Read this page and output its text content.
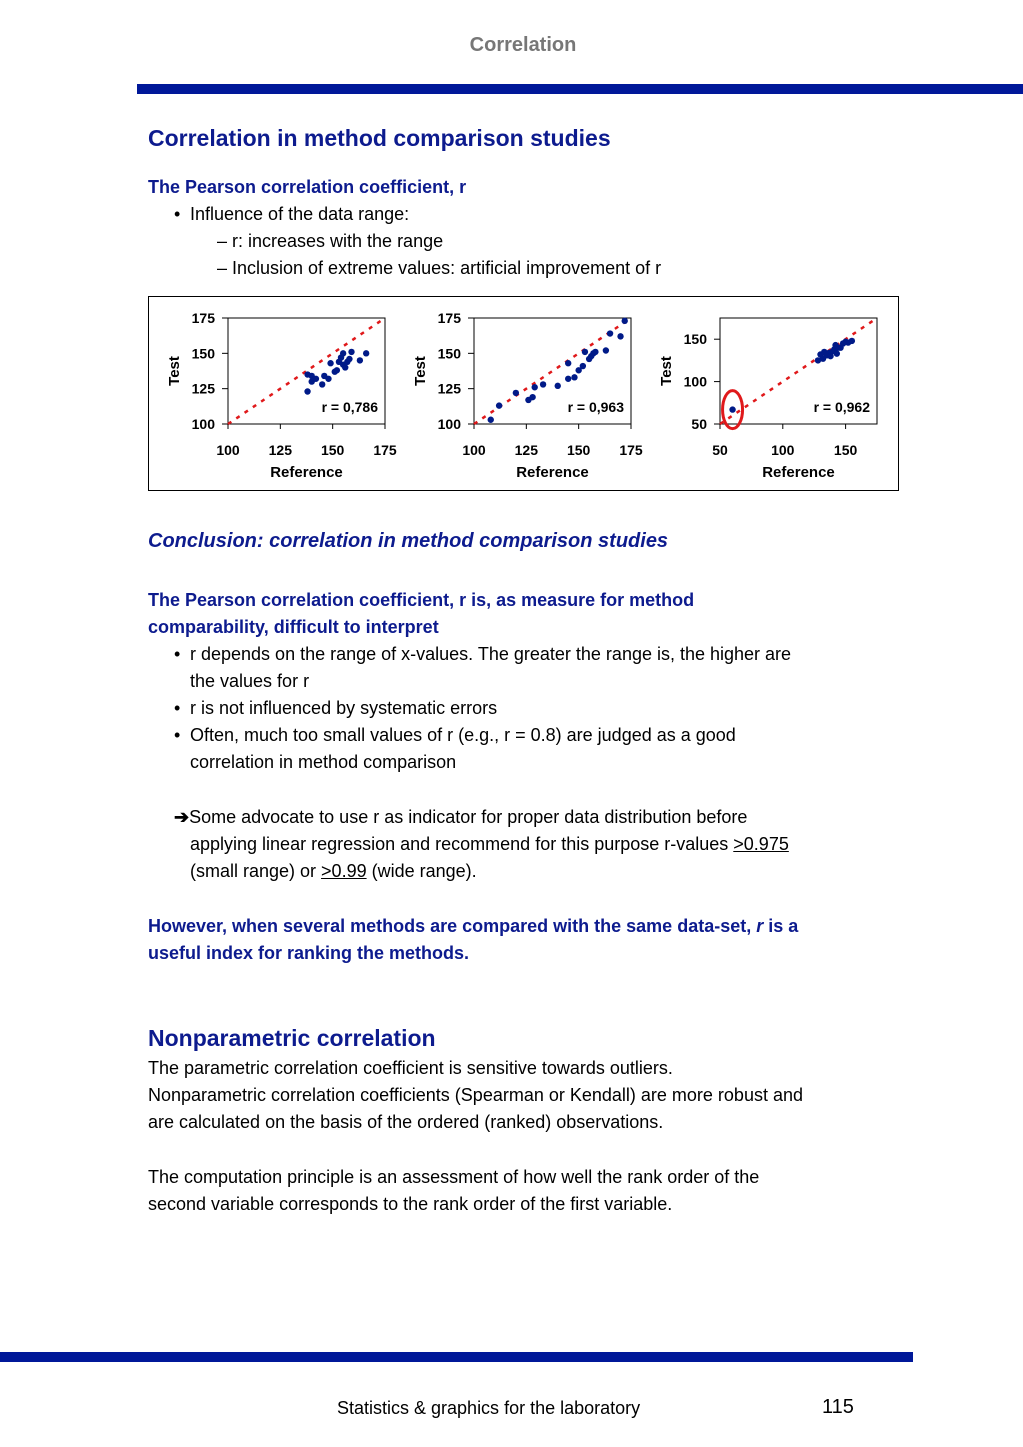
Correlation
Correlation in method comparison studies
The Pearson correlation coefficient, r
• Influence of the data range:
– r: increases with the range
– Inclusion of extreme values: artificial improvement of r
100 125 150 175
100
125
150
175
Reference
Test
r = 0,786
100 125 150 175
100
125
150
175
Reference
Test
r = 0,963
50	100	150
50
100
150
Reference
Test
r = 0,962
Conclusion: correlation in method comparison studies
The Pearson correlation coefficient, r is, as measure for method
comparability, difficult to interpret
• r depends on the range of x-values. The greater the range is, the higher are
the values for r
• r is not influenced by systematic errors
• Often, much too small values of r (e.g., r = 0.8) are judged as a good
correlation in method comparison
➔Some advocate to use r as indicator for proper data distribution before
applying linear regression and recommend for this purpose r-values >0.975
(small range) or >0.99 (wide range).
However, when several methods are compared with the same data-set, r is a
useful index for ranking the methods.
Nonparametric correlation
The parametric correlation coefficient is sensitive towards outliers.
Nonparametric correlation coefficients (Spearman or Kendall) are more robust and
are calculated on the basis of the ordered (ranked) observations.
The computation principle is an assessment of how well the rank order of the
second variable corresponds to the rank order of the first variable.
Statistics & graphics for the laboratory	115
